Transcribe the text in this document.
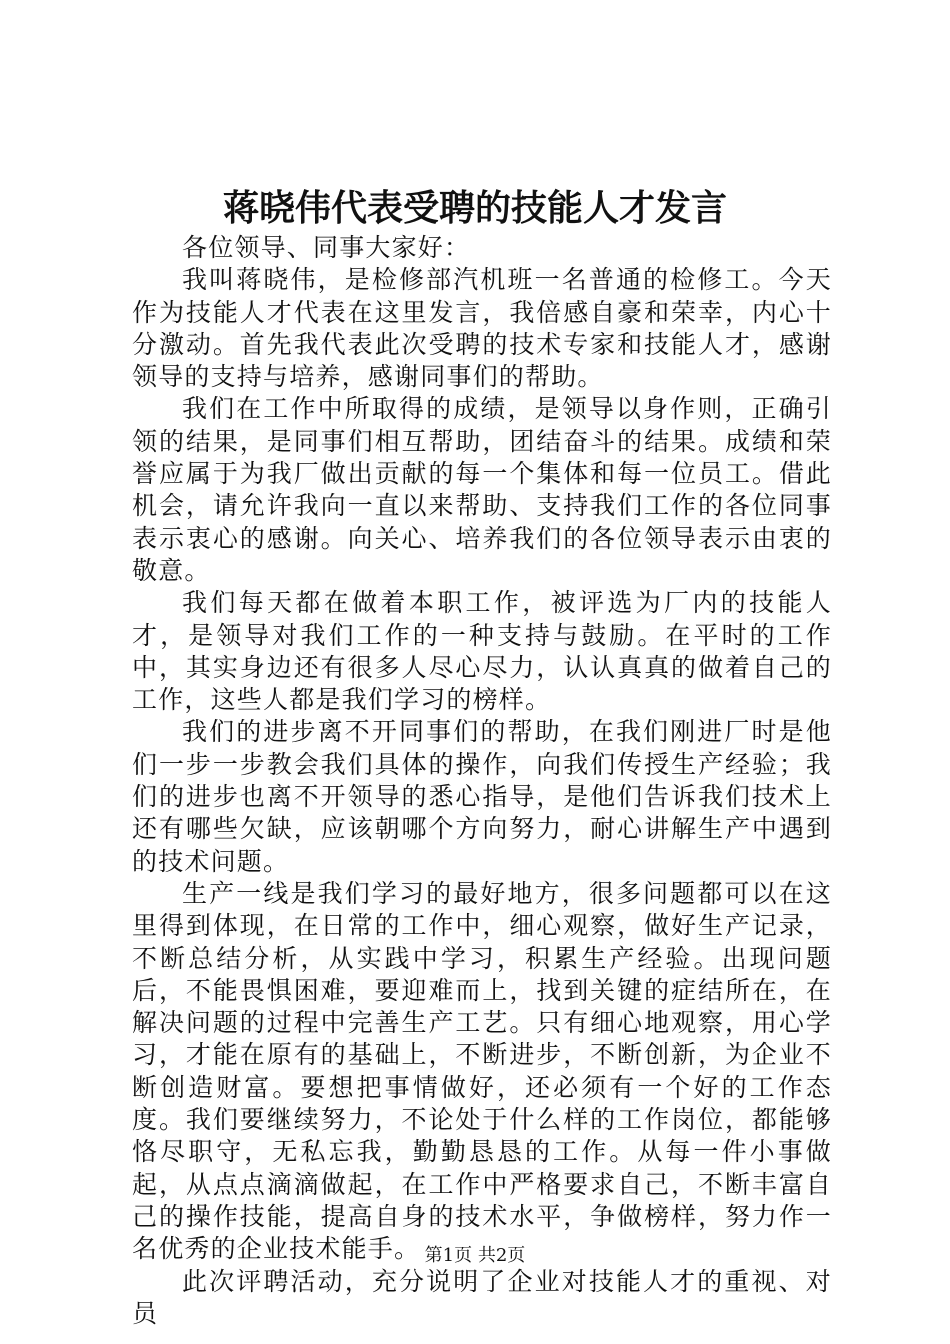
蒋晓伟代表受聘的技能人才发言

各位领导、同事大家好：

我叫蒋晓伟，是检修部汽机班一名普通的检修工。今天作为技能人才代表在这里发言，我倍感自豪和荣幸，内心十分激动。首先我代表此次受聘的技术专家和技能人才，感谢领导的支持与培养，感谢同事们的帮助。

我们在工作中所取得的成绩，是领导以身作则，正确引领的结果，是同事们相互帮助，团结奋斗的结果。成绩和荣誉应属于为我厂做出贡献的每一个集体和每一位员工。借此机会，请允许我向一直以来帮助、支持我们工作的各位同事表示衷心的感谢。向关心、培养我们的各位领导表示由衷的敬意。

我们每天都在做着本职工作，被评选为厂内的技能人才，是领导对我们工作的一种支持与鼓励。在平时的工作中，其实身边还有很多人尽心尽力，认认真真的做着自己的工作，这些人都是我们学习的榜样。

我们的进步离不开同事们的帮助，在我们刚进厂时是他们一步一步教会我们具体的操作，向我们传授生产经验；我们的进步也离不开领导的悉心指导，是他们告诉我们技术上还有哪些欠缺，应该朝哪个方向努力，耐心讲解生产中遇到的技术问题。

生产一线是我们学习的最好地方，很多问题都可以在这里得到体现，在日常的工作中，细心观察，做好生产记录，不断总结分析，从实践中学习，积累生产经验。出现问题后，不能畏惧困难，要迎难而上，找到关键的症结所在，在解决问题的过程中完善生产工艺。只有细心地观察，用心学习，才能在原有的基础上，不断进步，不断创新，为企业不断创造财富。要想把事情做好，还必须有一个好的工作态度。我们要继续努力，不论处于什么样的工作岗位，都能够恪尽职守，无私忘我，勤勤恳恳的工作。从每一件小事做起，从点点滴滴做起，在工作中严格要求自己，不断丰富自己的操作技能，提高自身的技术水平，争做榜样，努力作一名优秀的企业技术能手。

此次评聘活动，充分说明了企业对技能人才的重视、对员

第1页 共2页
